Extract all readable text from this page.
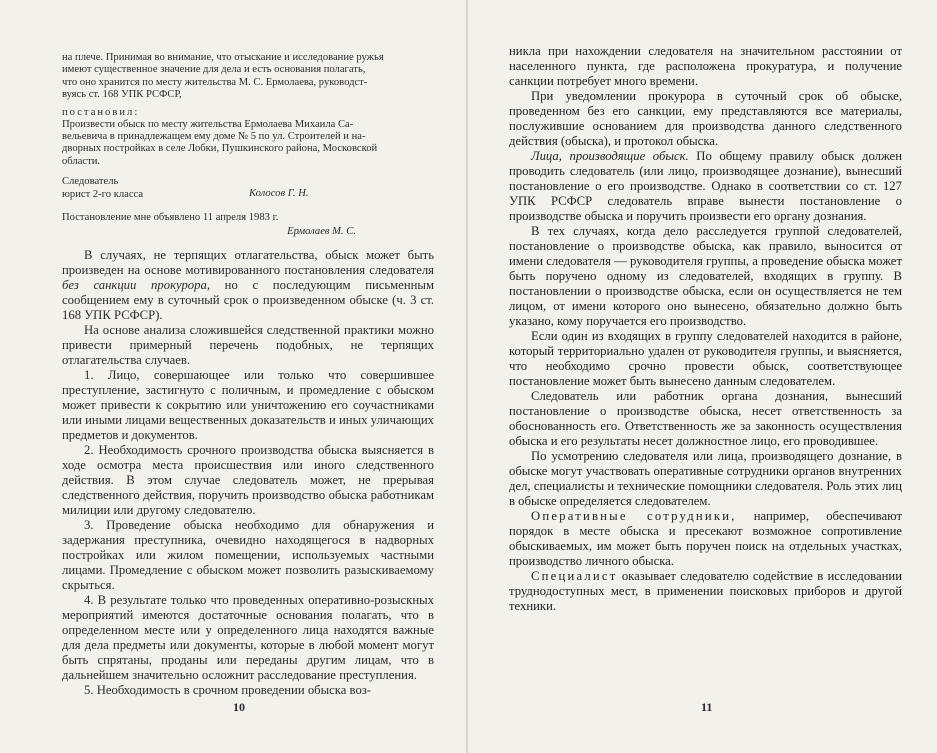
на плече. Принимая во внимание, что отыскание и исследование ружья

имеют существенное значение для дела и есть основания полагать,

что оно хранится по месту жительства М. С. Ермолаева, руководст-

вуясь ст. 168 УПК РСФСР,

постановил:

Произвести обыск по месту жительства Ермолаева Михаила Са-

вельевича в принадлежащем ему доме № 5 по ул. Строителей и на-

дворных постройках в селе Лобки, Пушкинского района, Московской

области.

Следователь
юрист 2-го класса	Колосов Г. Н.
Постановление мне объявлено 11 апреля 1983 г.
Ермолаев М. С.

В случаях, не терпящих отлагательства, обыск может быть произведен на основе мотивированного постановления следователя без санкции прокурора, но с последующим письменным сообщением ему в суточный срок о произведенном обыске (ч. 3 ст. 168 УПК РСФСР).

На основе анализа сложившейся следственной практики можно привести примерный перечень подобных, не терпящих отлагательства случаев.

1. Лицо, совершающее или только что совершившее преступление, застигнуто с поличным, и промедление с обыском может привести к сокрытию или уничтожению его соучастниками или иными лицами вещественных доказательств и иных уличающих предметов и документов.

2. Необходимость срочного производства обыска выясняется в ходе осмотра места происшествия или иного следственного действия. В этом случае следователь может, не прерывая следственного действия, поручить производство обыска работникам милиции или другому следователю.

3. Проведение обыска необходимо для обнаружения и задержания преступника, очевидно находящегося в надворных постройках или жилом помещении, используемых частными лицами. Промедление с обыском может позволить разыскиваемому скрыться.

4. В результате только что проведенных оперативно-розыскных мероприятий имеются достаточные основания полагать, что в определенном месте или у определенного лица находятся важные для дела предметы или документы, которые в любой момент могут быть спрятаны, проданы или переданы другим лицам, что в дальнейшем значительно осложнит расследование преступления.

5. Необходимость в срочном проведении обыска воз-

10

никла при нахождении следователя на значительном расстоянии от населенного пункта, где расположена прокуратура, и получение санкции потребует много времени.

При уведомлении прокурора в суточный срок об обыске, проведенном без его санкции, ему представляются все материалы, послужившие основанием для производства данного следственного действия (обыска), и протокол обыска.

Лица, производящие обыск. По общему правилу обыск должен проводить следователь (или лицо, производящее дознание), вынесший постановление о его производстве. Однако в соответствии со ст. 127 УПК РСФСР следователь вправе вынести постановление о производстве обыска и поручить произвести его органу дознания.

В тех случаях, когда дело расследуется группой следователей, постановление о производстве обыска, как правило, выносится от имени следователя — руководителя группы, а проведение обыска может быть поручено одному из следователей, входящих в группу. В постановлении о производстве обыска, если он осуществляется не тем лицом, от имени которого оно вынесено, обязательно должно быть указано, кому поручается его производство.

Если один из входящих в группу следователей находится в районе, который территориально удален от руководителя группы, и выясняется, что необходимо срочно провести обыск, соответствующее постановление может быть вынесено данным следователем.

Следователь или работник органа дознания, вынесший постановление о производстве обыска, несет ответственность за обоснованность его. Ответственность же за законность осуществления обыска и его результаты несет должностное лицо, его проводившее.

По усмотрению следователя или лица, производящего дознание, в обыске могут участвовать оперативные сотрудники органов внутренних дел, специалисты и технические помощники следователя. Роль этих лиц в обыске определяется следователем.

Оперативные сотрудники, например, обеспечивают порядок в месте обыска и пресекают возможное сопротивление обыскиваемых, им может быть поручен поиск на отдельных участках, производство личного обыска.

Специалист оказывает следователю содействие в исследовании труднодоступных мест, в применении поисковых приборов и другой техники.

11
